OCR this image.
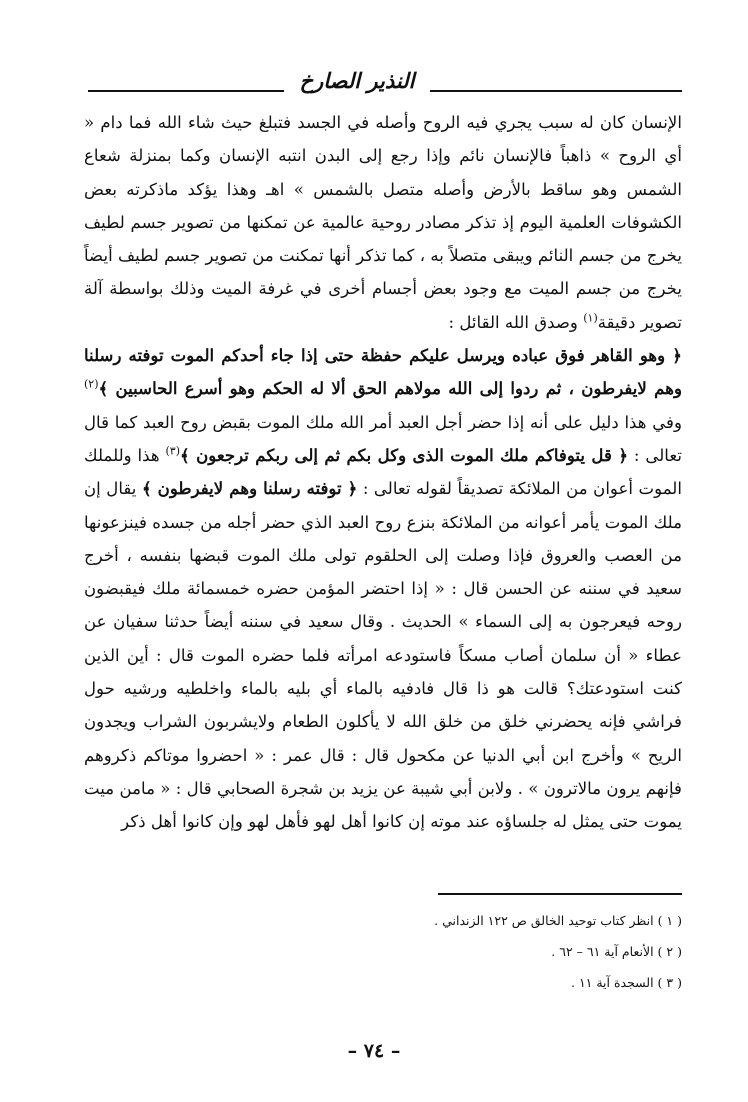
النذير الصارخ

الإنسان كان له سبب يجري فيه الروح وأصله في الجسد فتبلغ حيث شاء الله فما دام « أي الروح » ذاهباً فالإنسان نائم وإذا رجع إلى البدن انتبه الإنسان وكما بمنزلة شعاع الشمس وهو ساقط بالأرض وأصله متصل بالشمس » اهـ وهذا يؤكد ماذكرته بعض الكشوفات العلمية اليوم إذ تذكر مصادر روحية عالمية عن تمكنها من تصوير جسم لطيف يخرج من جسم النائم ويبقى متصلاً به ، كما تذكر أنها تمكنت من تصوير جسم لطيف أيضاً يخرج من جسم الميت مع وجود بعض أجسام أخرى في غرفة الميت وذلك بواسطة آلة تصوير دقيقة$^{(١)}$ وصدق الله القائل :

﴿ وهو القاهر فوق عباده ويرسل عليكم حفظة حتى إذا جاء أحدكم الموت توفته رسلنا وهم لايفرطون ، ثم ردوا إلى الله مولاهم الحق ألا له الحكم وهو أسرع الحاسبين ﴾$^{(٢)}$ وفي هذا دليل على أنه إذا حضر أجل العبد أمر الله ملك الموت بقبض روح العبد كما قال تعالى : ﴿ قل يتوفاكم ملك الموت الذى وكل بكم ثم إلى ربكم ترجعون ﴾$^{(٣)}$ هذا وللملك الموت أعوان من الملائكة تصديقاً لقوله تعالى : ﴿ توفته رسلنا وهم لايفرطون ﴾ يقال إن ملك الموت يأمر أعوانه من الملائكة بنزع روح العبد الذي حضر أجله من جسده فينزعونها من العصب والعروق فإذا وصلت إلى الحلقوم تولى ملك الموت قبضها بنفسه ، أخرج سعيد في سننه عن الحسن قال : « إذا احتضر المؤمن حضره خمسمائة ملك فيقبضون روحه فيعرجون به إلى السماء » الحديث . وقال سعيد في سننه أيضاً حدثنا سفيان عن عطاء « أن سلمان أصاب مسكاً فاستودعه امرأته فلما حضره الموت قال : أين الذين كنت استودعتك؟ قالت هو ذا قال فادفيه بالماء أي بليه بالماء واخلطيه ورشيه حول فراشي فإنه يحضرني خلق من خلق الله لا يأكلون الطعام ولايشربون الشراب ويجدون الريح » وأخرج ابن أبي الدنيا عن مكحول قال : قال عمر : « احضروا موتاكم ذكروهم فإنهم يرون مالاترون » . ولابن أبي شيبة عن يزيد بن شجرة الصحابي قال : « مامن ميت يموت حتى يمثل له جلساؤه عند موته إن كانوا أهل لهو فأهل لهو وإن كانوا أهل ذكر

( ١ ) انظر كتاب توحيد الخالق ص ١٢٢ الزنداني .
( ٢ ) الأنعام آية ٦١ – ٦٢ .
( ٣ ) السجدة آية ١١ .
– ٧٤ –
